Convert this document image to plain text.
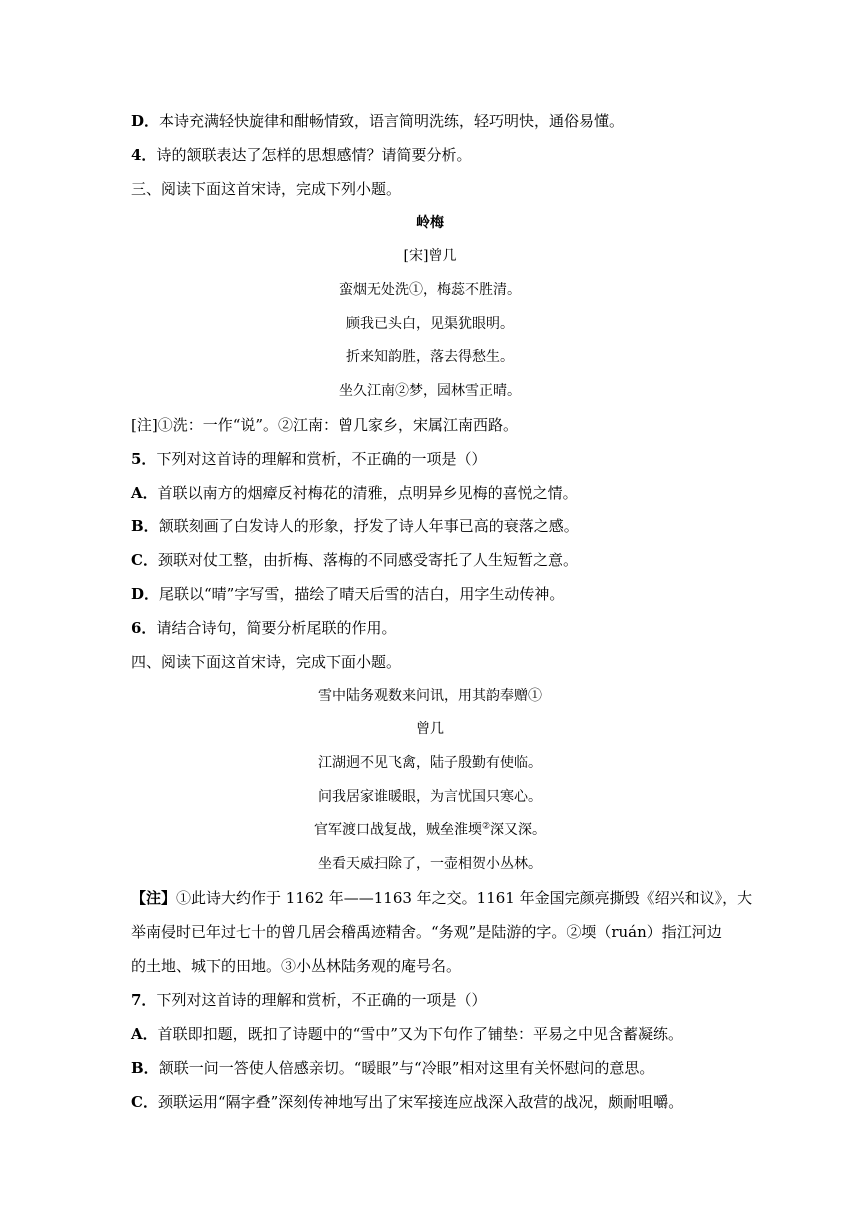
D．本诗充满轻快旋律和酣畅情致，语言简明洗练，轻巧明快，通俗易懂。
4．诗的颔联表达了怎样的思想感情？请简要分析。
三、阅读下面这首宋诗，完成下列小题。
岭梅
[宋]曾几
蛮烟无处洗①，梅蕊不胜清。
顾我已头白，见渠犹眼明。
折来知韵胜，落去得愁生。
坐久江南②梦，园林雪正晴。
[注]①洗：一作“说”。②江南：曾几家乡，宋属江南西路。
5．下列对这首诗的理解和赏析，不正确的一项是（）
A．首联以南方的烟瘴反衬梅花的清雅，点明异乡见梅的喜悦之情。
B．颔联刻画了白发诗人的形象，抒发了诗人年事已高的衰落之感。
C．颈联对仗工整，由折梅、落梅的不同感受寄托了人生短暂之意。
D．尾联以“晴”字写雪，描绘了晴天后雪的洁白，用字生动传神。
6．请结合诗句，简要分析尾联的作用。
四、阅读下面这首宋诗，完成下面小题。
雪中陆务观数来问讯，用其韵奉赠①
曾几
江湖迥不见飞禽，陆子殷勤有使临。
问我居家谁暖眼，为言忧国只寒心。
官军渡口战复战，贼垒淮堧②深又深。
坐看天威扫除了，一壶相贺小丛林。
【注】①此诗大约作于 1162 年——1163 年之交。1161 年金国完颜亮撕毁《绍兴和议》，大
举南侵时已年过七十的曾几居会稽禹迹精舍。“务观”是陆游的字。②堧（ruán）指江河边
的土地、城下的田地。③小丛林陆务观的庵号名。
7．下列对这首诗的理解和赏析，不正确的一项是（）
A．首联即扣题，既扣了诗题中的“雪中”又为下句作了铺垫：平易之中见含蓄凝练。
B．颔联一问一答使人倍感亲切。“暖眼”与“冷眼”相对这里有关怀慰问的意思。
C．颈联运用“隔字叠”深刻传神地写出了宋军接连应战深入敌营的战况，颇耐咀嚼。
